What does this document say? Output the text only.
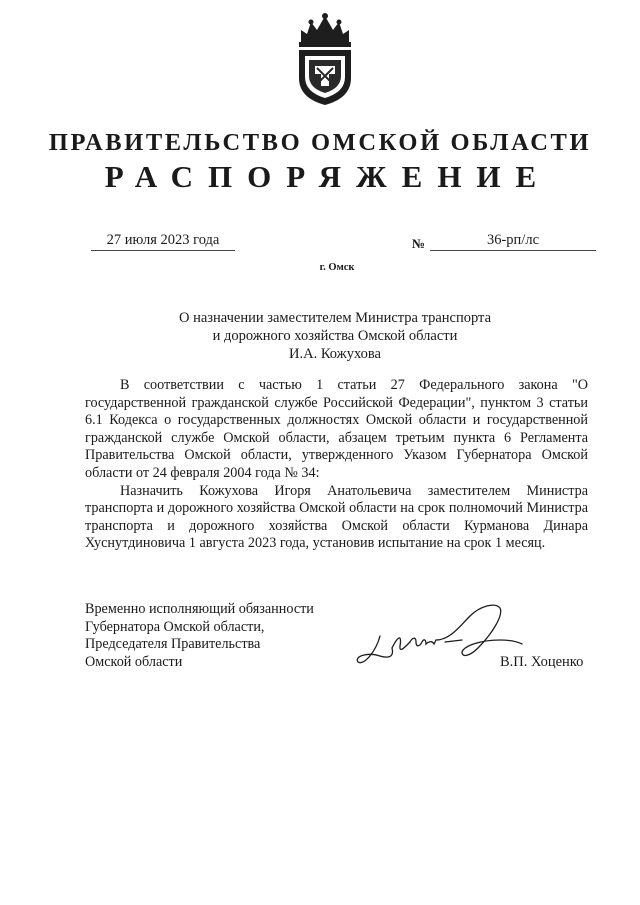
ПРАВИТЕЛЬСТВО ОМСКОЙ ОБЛАСТИ
РАСПОРЯЖЕНИЕ
27 июля 2023 года	№	36-рп/лс
г. Омск
О назначении заместителем Министра транспорта
и дорожного хозяйства Омской области
И.А. Кожухова

В соответствии с частью 1 статьи 27 Федерального закона "О государственной гражданской службе Российской Федерации", пунктом 3 статьи 6.1 Кодекса о государственных должностях Омской области и государственной гражданской службе Омской области, абзацем третьим пункта 6 Регламента Правительства Омской области, утвержденного Указом Губернатора Омской области от 24 февраля 2004 года № 34:

Назначить Кожухова Игоря Анатольевича заместителем Министра транспорта и дорожного хозяйства Омской области на срок полномочий Министра транспорта и дорожного хозяйства Омской области Курманова Динара Хуснутдиновича 1 августа 2023 года, установив испытание на срок 1 месяц.

Временно исполняющий обязанности
Губернатора Омской области,
Председателя Правительства
Омской области	В.П. Хоценко
